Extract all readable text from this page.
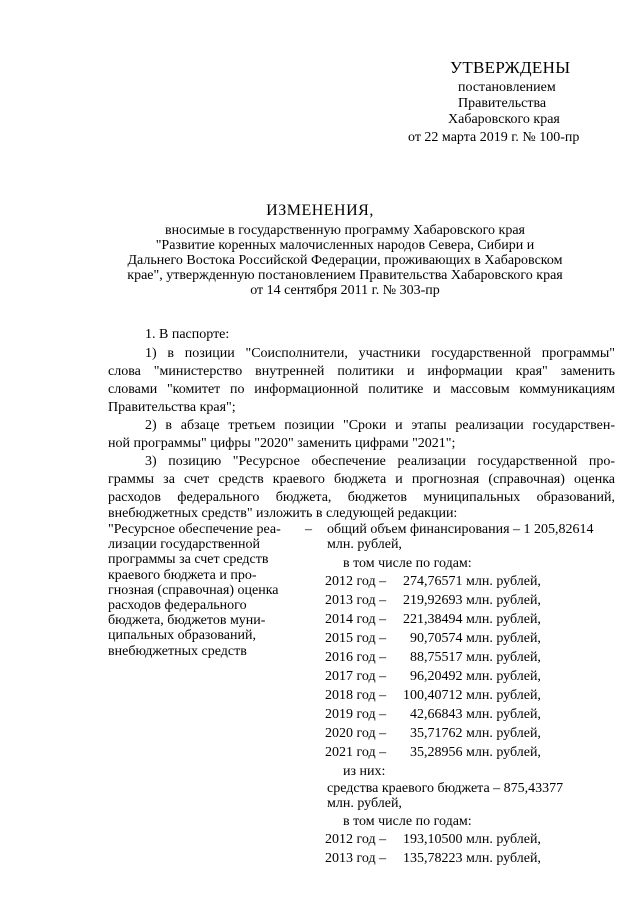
УТВЕРЖДЕНЫ
постановлением
Правительства
Хабаровского края
от 22 марта 2019 г. № 100-пр
ИЗМЕНЕНИЯ,
вносимые в государственную программу Хабаровского края
"Развитие коренных малочисленных народов Севера, Сибири и
Дальнего Востока Российской Федерации, проживающих в Хабаровском
крае", утвержденную постановлением Правительства Хабаровского края
от 14 сентября 2011 г. № 303-пр
1. В паспорте:
1) в позиции "Соисполнители, участники государственной программы"
слова "министерство внутренней политики и информации края" заменить
словами "комитет по информационной политике и массовым коммуникациям
Правительства края";
2) в абзаце третьем позиции "Сроки и этапы реализации государствен-
ной программы" цифры "2020" заменить цифрами "2021";
3) позицию "Ресурсное обеспечение реализации государственной про-
граммы за счет средств краевого бюджета и прогнозная (справочная) оценка
расходов федерального бюджета, бюджетов муниципальных образований,
внебюджетных средств" изложить в следующей редакции:
"Ресурсное обеспечение реа-
лизации государственной
программы за счет средств
краевого бюджета и про-
гнозная (справочная) оценка
расходов федерального
бюджета, бюджетов муни-
ципальных образований,
внебюджетных средств
– общий объем финансирования – 1 205,82614
млн. рублей,
в том числе по годам:
2012 год – 274,76571 млн. рублей,
2013 год – 219,92693 млн. рублей,
2014 год – 221,38494 млн. рублей,
2015 год –  90,70574 млн. рублей,
2016 год –  88,75517 млн. рублей,
2017 год –  96,20492 млн. рублей,
2018 год – 100,40712 млн. рублей,
2019 год –  42,66843 млн. рублей,
2020 год –  35,71762 млн. рублей,
2021 год –  35,28956 млн. рублей,
из них:
средства краевого бюджета – 875,43377
млн. рублей,
в том числе по годам:
2012 год – 193,10500 млн. рублей,
2013 год – 135,78223 млн. рублей,
